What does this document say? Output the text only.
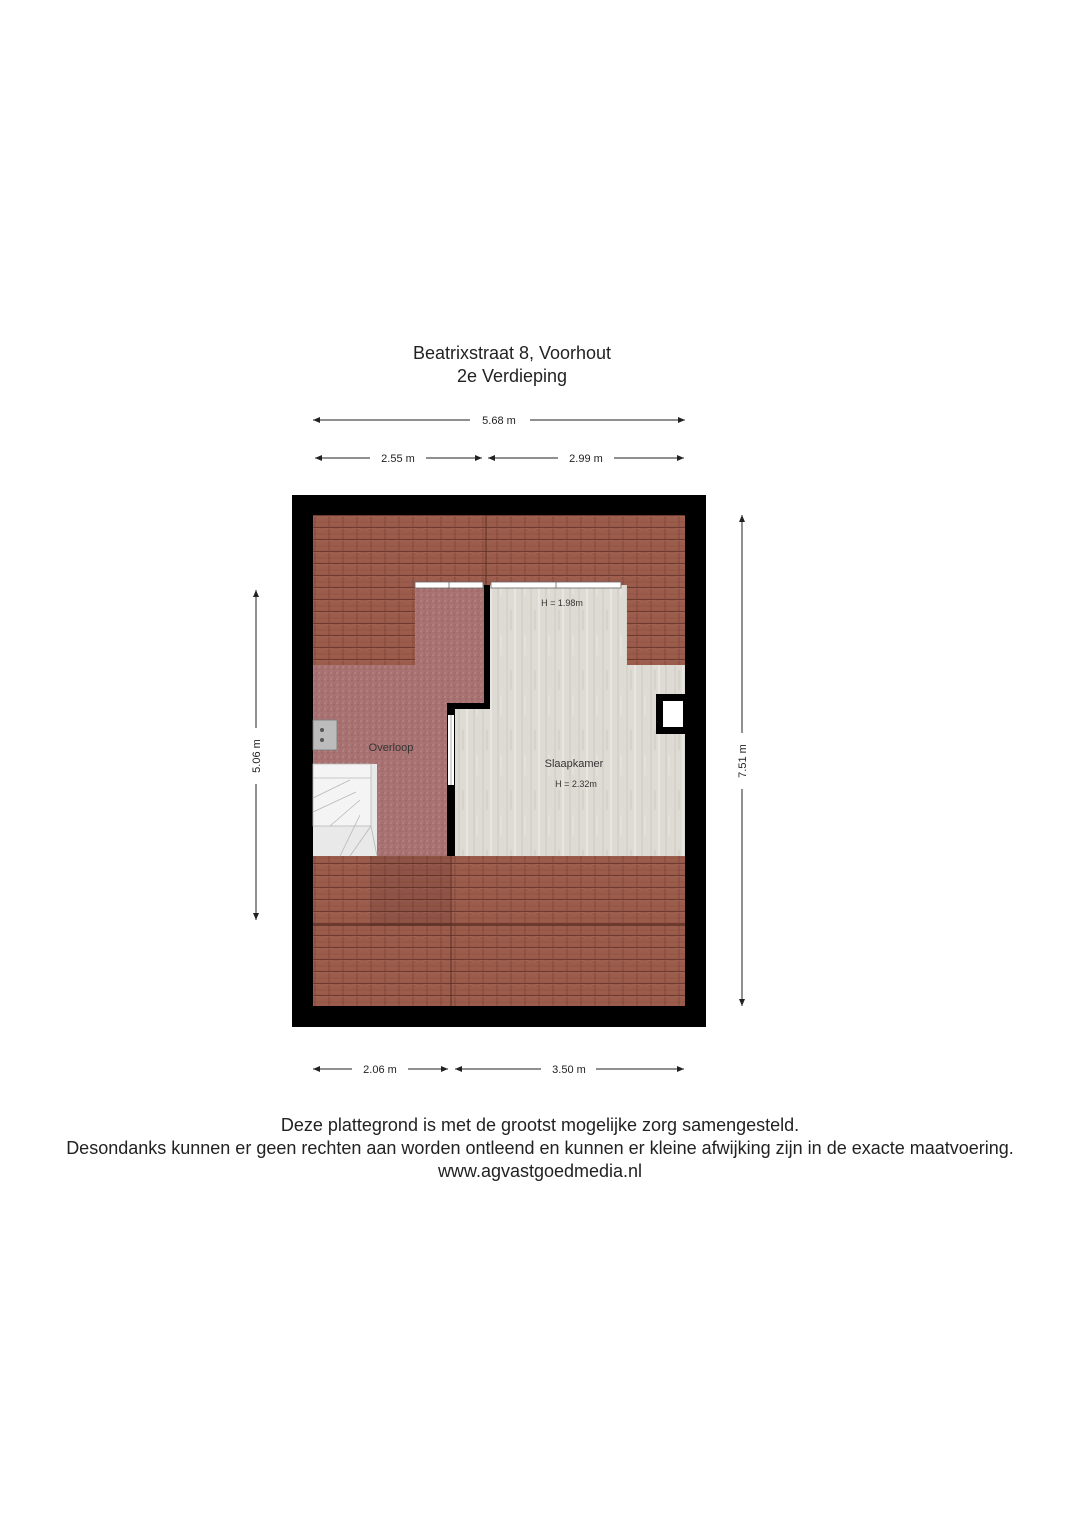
Beatrixstraat 8, Voorhout
2e Verdieping
Overloop
Slaapkamer
H = 2.32m
H = 1.98m
5.68 m
2.55 m	2.99 m
2.06 m	3.50 m
5.06 m	7.51 m
Deze plattegrond is met de grootst mogelijke zorg samengesteld.
Desondanks kunnen er geen rechten aan worden ontleend en kunnen er kleine afwijking zijn in de exacte maatvoering.
www.agvastgoedmedia.nl
